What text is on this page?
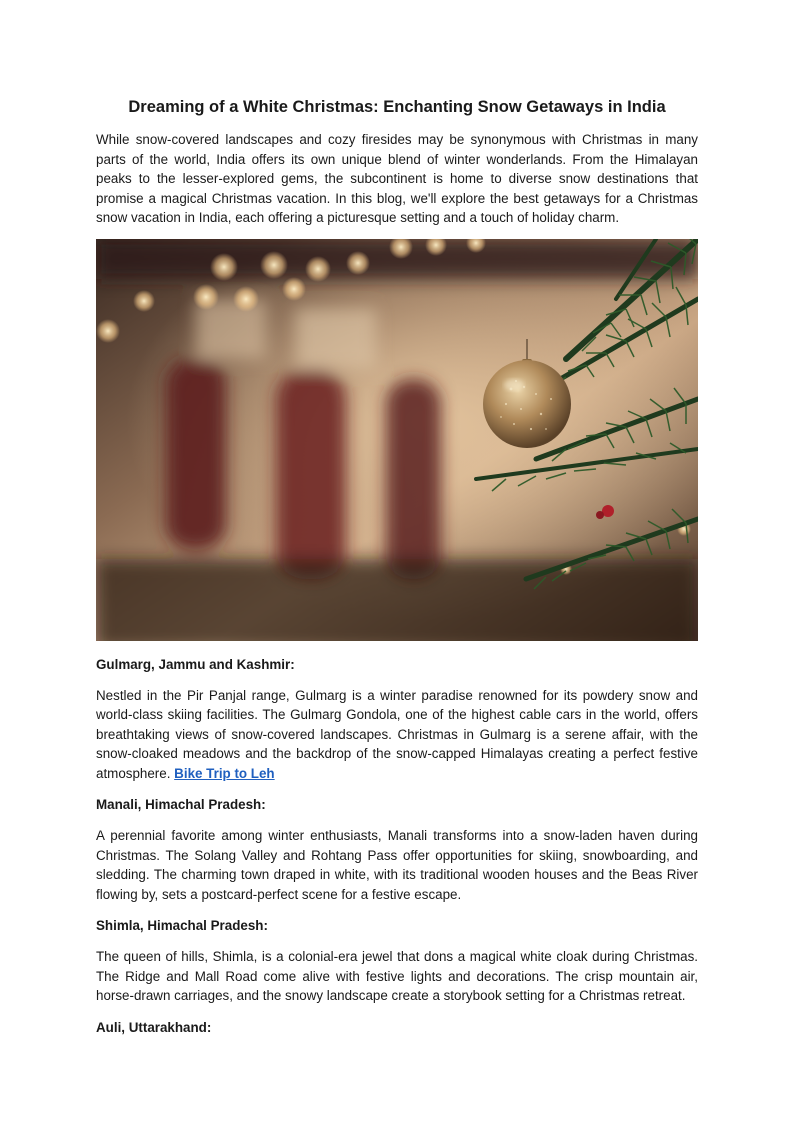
Dreaming of a White Christmas: Enchanting Snow Getaways in India

While snow-covered landscapes and cozy firesides may be synonymous with Christmas in many parts of the world, India offers its own unique blend of winter wonderlands. From the Himalayan peaks to the lesser-explored gems, the subcontinent is home to diverse snow destinations that promise a magical Christmas vacation. In this blog, we'll explore the best getaways for a Christmas snow vacation in India, each offering a picturesque setting and a touch of holiday charm.

Gulmarg, Jammu and Kashmir:

Nestled in the Pir Panjal range, Gulmarg is a winter paradise renowned for its powdery snow and world-class skiing facilities. The Gulmarg Gondola, one of the highest cable cars in the world, offers breathtaking views of snow-covered landscapes. Christmas in Gulmarg is a serene affair, with the snow-cloaked meadows and the backdrop of the snow-capped Himalayas creating a perfect festive atmosphere. Bike Trip to Leh

Manali, Himachal Pradesh:

A perennial favorite among winter enthusiasts, Manali transforms into a snow-laden haven during Christmas. The Solang Valley and Rohtang Pass offer opportunities for skiing, snowboarding, and sledding. The charming town draped in white, with its traditional wooden houses and the Beas River flowing by, sets a postcard-perfect scene for a festive escape.

Shimla, Himachal Pradesh:

The queen of hills, Shimla, is a colonial-era jewel that dons a magical white cloak during Christmas. The Ridge and Mall Road come alive with festive lights and decorations. The crisp mountain air, horse-drawn carriages, and the snowy landscape create a storybook setting for a Christmas retreat.

Auli, Uttarakhand:
